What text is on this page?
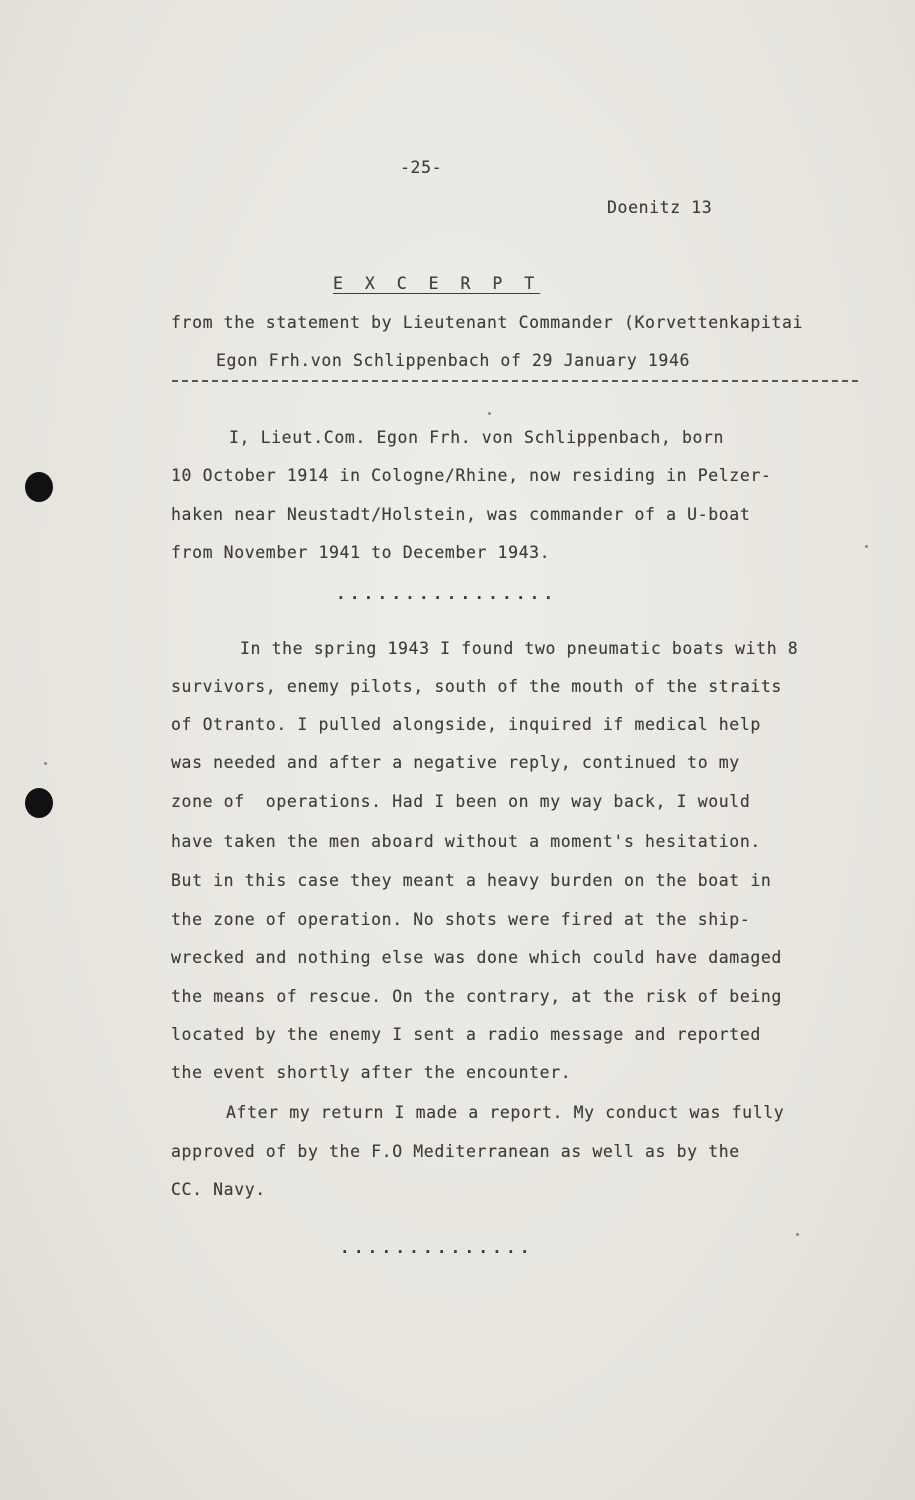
-25-
Doenitz 13
E X C E R P T
from the statement by Lieutenant Commander (Korvettenkapitai
Egon Frh.von Schlippenbach of 29 January 1946
I, Lieut.Com. Egon Frh. von Schlippenbach, born
10 October 1914 in Cologne/Rhine, now residing in Pelzer-
haken near Neustadt/Holstein, was commander of a U-boat
from November 1941 to December 1943.
................
In the spring 1943 I found two pneumatic boats with 8
survivors, enemy pilots, south of the mouth of the straits
of Otranto. I pulled alongside, inquired if medical help
was needed and after a negative reply, continued to my
zone of  operations. Had I been on my way back, I would
have taken the men aboard without a moment's hesitation.
But in this case they meant a heavy burden on the boat in
the zone of operation. No shots were fired at the ship-
wrecked and nothing else was done which could have damaged
the means of rescue. On the contrary, at the risk of being
located by the enemy I sent a radio message and reported
the event shortly after the encounter.
After my return I made a report. My conduct was fully
approved of by the F.O Mediterranean as well as by the
CC. Navy.
..............
